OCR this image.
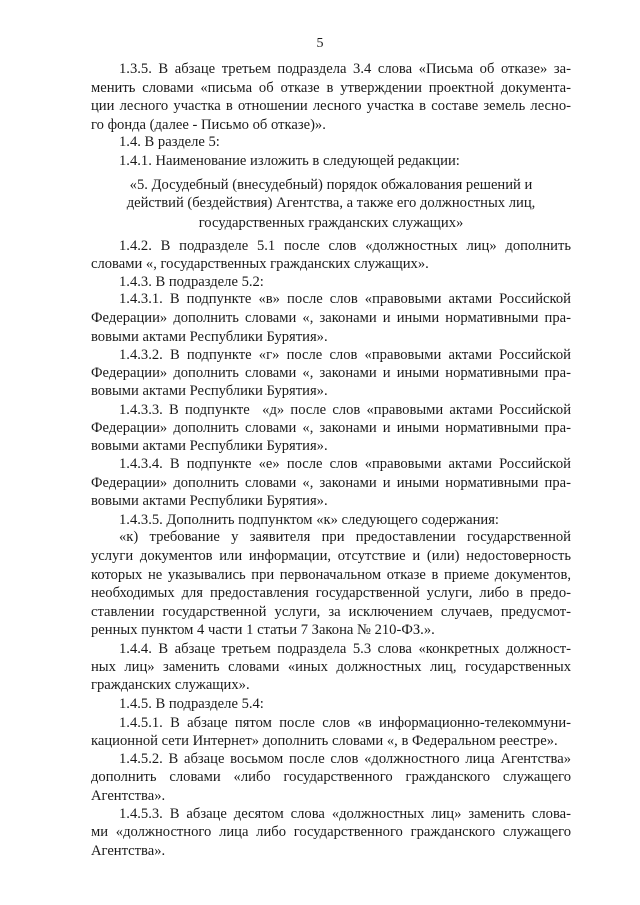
5
1.3.5. В абзаце третьем подраздела 3.4 слова «Письма об отказе» за-
менить словами «письма об отказе в утверждении проектной документа-
ции лесного участка в отношении лесного участка в составе земель лесно-
го фонда (далее - Письмо об отказе)».
1.4. В разделе 5:
1.4.1. Наименование изложить в следующей редакции:
«5. Досудебный (внесудебный) порядок обжалования решений и
действий (бездействия) Агентства, а также его должностных лиц,
государственных гражданских служащих»
1.4.2. В подразделе 5.1 после слов «должностных лиц» дополнить
словами «, государственных гражданских служащих».
1.4.3. В подразделе 5.2:
1.4.3.1. В подпункте «в» после слов «правовыми актами Российской
Федерации» дополнить словами «, законами и иными нормативными пра-
вовыми актами Республики Бурятия».
1.4.3.2. В подпункте «г» после слов «правовыми актами Российской
Федерации» дополнить словами «, законами и иными нормативными пра-
вовыми актами Республики Бурятия».
1.4.3.3. В подпункте  «д» после слов «правовыми актами Российской
Федерации» дополнить словами «, законами и иными нормативными пра-
вовыми актами Республики Бурятия».
1.4.3.4. В подпункте «е» после слов «правовыми актами Российской
Федерации» дополнить словами «, законами и иными нормативными пра-
вовыми актами Республики Бурятия».
1.4.3.5. Дополнить подпунктом «к» следующего содержания:
«к) требование у заявителя при предоставлении государственной
услуги документов или информации, отсутствие и (или) недостоверность
которых не указывались при первоначальном отказе в приеме документов,
необходимых для предоставления государственной услуги, либо в предо-
ставлении государственной услуги, за исключением случаев, предусмот-
ренных пунктом 4 части 1 статьи 7 Закона № 210-ФЗ.».
1.4.4. В абзаце третьем подраздела 5.3 слова «конкретных должност-
ных лиц» заменить словами «иных должностных лиц, государственных
гражданских служащих».
1.4.5. В подразделе 5.4:
1.4.5.1. В абзаце пятом после слов «в информационно-телекоммуни-
кационной сети Интернет» дополнить словами «, в Федеральном реестре».
1.4.5.2. В абзаце восьмом после слов «должностного лица Агентства»
дополнить словами «либо государственного гражданского служащего
Агентства».
1.4.5.3. В абзаце десятом слова «должностных лиц» заменить слова-
ми «должностного лица либо государственного гражданского служащего
Агентства».
